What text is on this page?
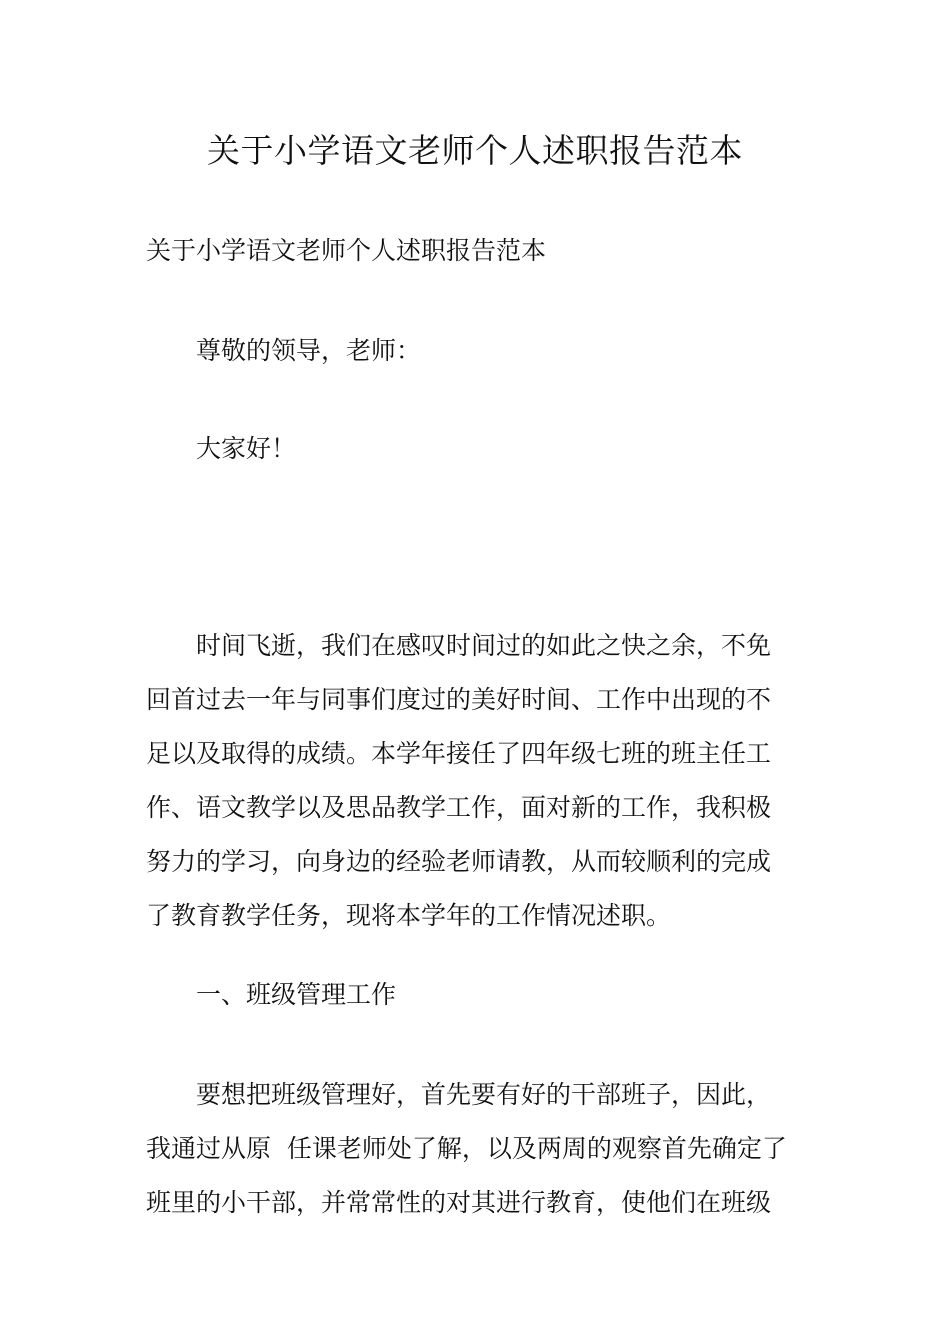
关于小学语文老师个人述职报告范本
关于小学语文老师个人述职报告范本
尊敬的领导，老师：
大家好！
时间飞逝，我们在感叹时间过的如此之快之余，不免
回首过去一年与同事们度过的美好时间、工作中出现的不
足以及取得的成绩。本学年接任了四年级七班的班主任工
作、语文教学以及思品教学工作，面对新的工作，我积极
努力的学习，向身边的经验老师请教，从而较顺利的完成
了教育教学任务，现将本学年的工作情况述职。
一、班级管理工作
要想把班级管理好，首先要有好的干部班子，因此，
我通过从原  任课老师处了解，以及两周的观察首先确定了
班里的小干部，并常常性的对其进行教育，使他们在班级
